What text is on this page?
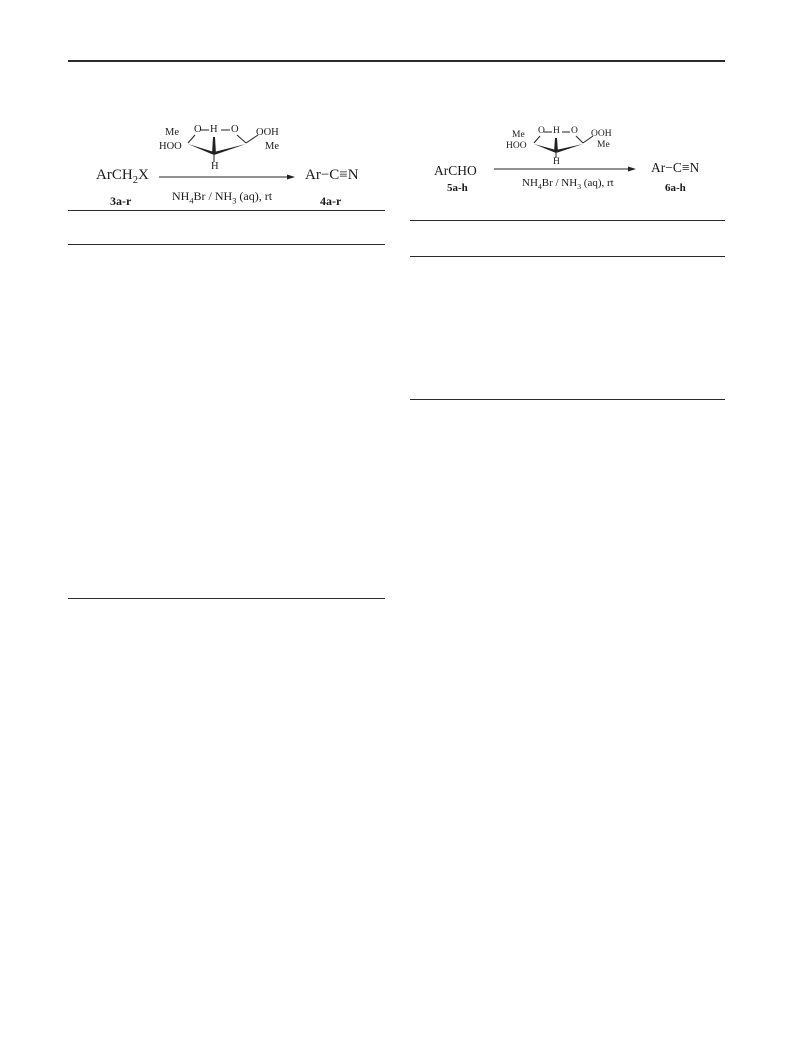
Me O H O OOH
HOO	Me
H
ArCH$_2$X	Ar−C≡N
3a-r	$NH_4Br / NH_3$ (aq), rt	4a-r
Me O H O OOH
HOO	Me
H
ArCHO	Ar−C≡N
5a-h	$NH_4Br / NH_3$ (aq), rt	6a-h
